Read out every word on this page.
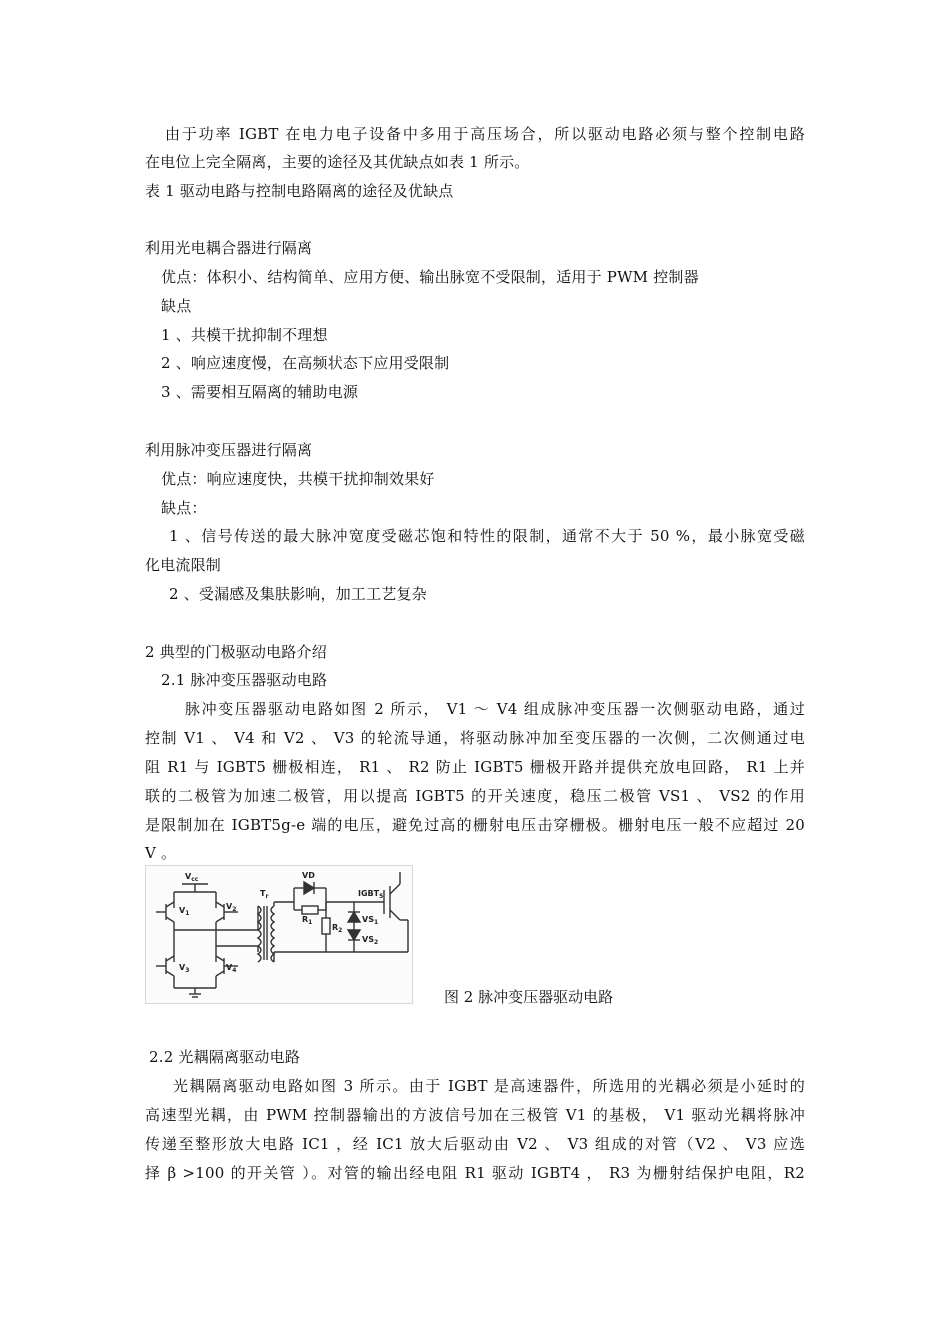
由于功率 IGBT 在电力电子设备中多用于高压场合，所以驱动电路必须与整个控制电路
在电位上完全隔离，主要的途径及其优缺点如表 1 所示。
表 1 驱动电路与控制电路隔离的途径及优缺点
利用光电耦合器进行隔离
优点：体积小、结构简单、应用方便、输出脉宽不受限制，适用于 PWM 控制器
缺点
1 、共模干扰抑制不理想
2 、响应速度慢，在高频状态下应用受限制
3 、需要相互隔离的辅助电源
利用脉冲变压器进行隔离
优点：响应速度快，共模干扰抑制效果好
缺点：
1 、信号传送的最大脉冲宽度受磁芯饱和特性的限制，通常不大于 50 %，最小脉宽受磁
化电流限制
2 、受漏感及集肤影响，加工工艺复杂
2 典型的门极驱动电路介绍
2.1 脉冲变压器驱动电路
脉冲变压器驱动电路如图 2 所示， V1 ～ V4 组成脉冲变压器一次侧驱动电路，通过
控制 V1 、 V4 和 V2 、 V3 的轮流导通，将驱动脉冲加至变压器的一次侧，二次侧通过电
阻 R1 与 IGBT5 栅极相连， R1 、 R2 防止 IGBT5 栅极开路并提供充放电回路， R1 上并
联的二极管为加速二极管，用以提高 IGBT5 的开关速度，稳压二极管 VS1 、 VS2 的作用
是限制加在 IGBT5g-e 端的电压，避免过高的栅射电压击穿栅极。栅射电压一般不应超过 20
V 。
$V_{cc}$
$V_1$
$V_2$
$V_3$	$V_4$
$T_r$
VD
$R_1$
$R_2$
$IGBT_5$
$VS_1$
$VS_2$
图 2 脉冲变压器驱动电路
2.2 光耦隔离驱动电路
光耦隔离驱动电路如图 3 所示。由于 IGBT 是高速器件，所选用的光耦必须是小延时的
高速型光耦，由 PWM 控制器输出的方波信号加在三极管 V1 的基极， V1 驱动光耦将脉冲
传递至整形放大电路 IC1 ，经 IC1 放大后驱动由 V2 、 V3 组成的对管（V2 、 V3 应选
择 β >100 的开关管 ）。对管的输出经电阻 R1 驱动 IGBT4 ， R3 为栅射结保护电阻，R2
